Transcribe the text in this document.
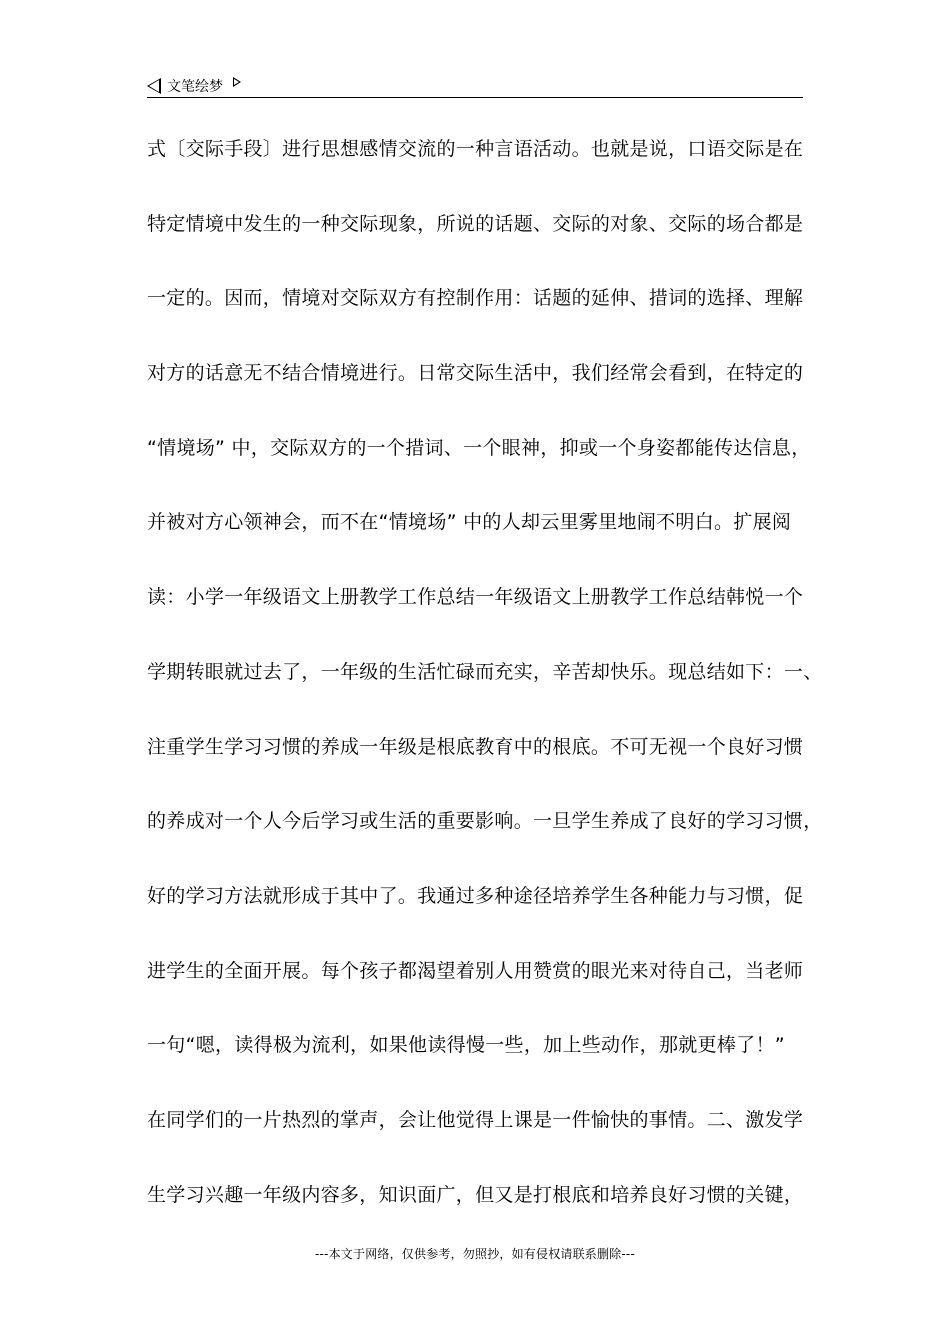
文笔绘梦
式〔交际手段〕进行思想感情交流的一种言语活动。也就是说，口语交际是在
特定情境中发生的一种交际现象，所说的话题、交际的对象、交际的场合都是
一定的。因而，情境对交际双方有控制作用：话题的延伸、措词的选择、理解
对方的话意无不结合情境进行。日常交际生活中，我们经常会看到，在特定的
“情境场” 中，交际双方的一个措词、一个眼神，抑或一个身姿都能传达信息，
并被对方心领神会，而不在“情境场” 中的人却云里雾里地闹不明白。扩展阅
读：小学一年级语文上册教学工作总结一年级语文上册教学工作总结韩悦一个
学期转眼就过去了，一年级的生活忙碌而充实，辛苦却快乐。现总结如下：一、
注重学生学习习惯的养成一年级是根底教育中的根底。不可无视一个良好习惯
的养成对一个人今后学习或生活的重要影响。一旦学生养成了良好的学习习惯，
好的学习方法就形成于其中了。我通过多种途径培养学生各种能力与习惯，促
进学生的全面开展。每个孩子都渴望着别人用赞赏的眼光来对待自己，当老师
一句“嗯，读得极为流利，如果他读得慢一些，加上些动作，那就更棒了！”
在同学们的一片热烈的掌声，会让他觉得上课是一件愉快的事情。二、激发学
生学习兴趣一年级内容多，知识面广，但又是打根底和培养良好习惯的关键，
---本文于网络，仅供参考，勿照抄，如有侵权请联系删除---
